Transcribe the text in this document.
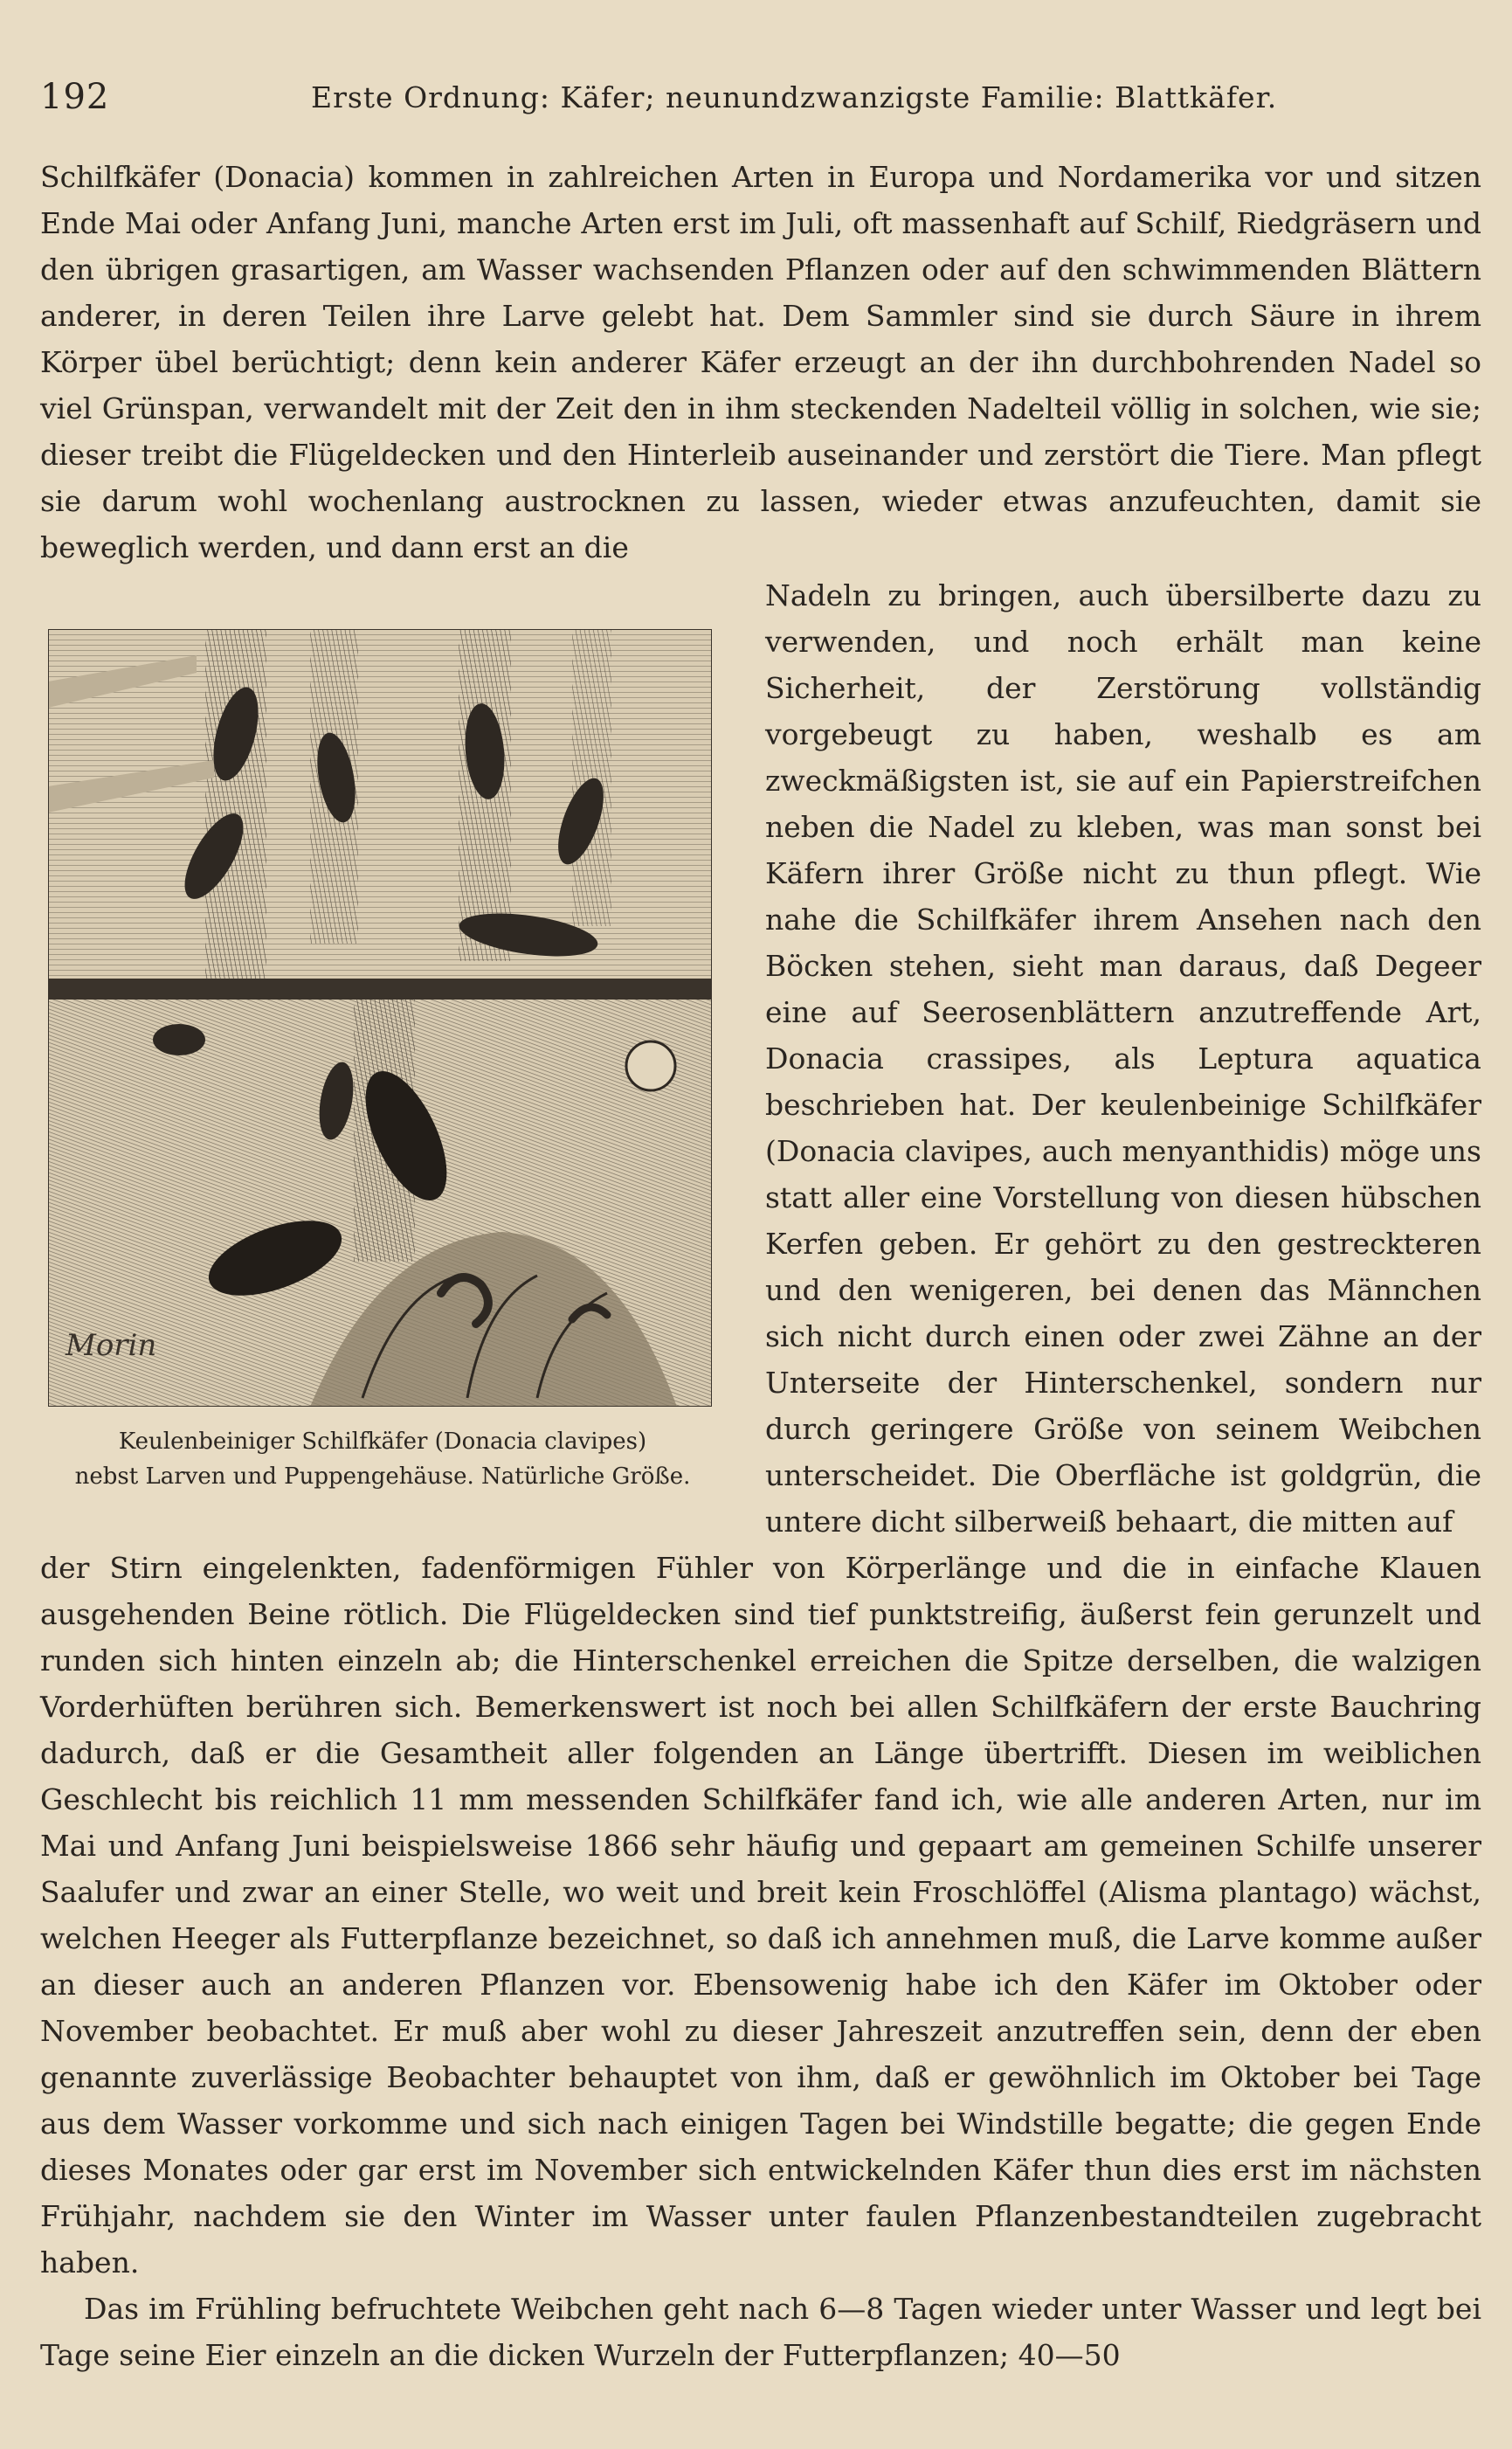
192	Erste Ordnung: Käfer; neunundzwanzigste Familie: Blattkäfer.

Schilfkäfer (Donacia) kommen in zahlreichen Arten in Europa und Nordamerika vor und sitzen Ende Mai oder Anfang Juni, manche Arten erst im Juli, oft massenhaft auf Schilf, Riedgräsern und den übrigen grasartigen, am Wasser wachsenden Pflanzen oder auf den schwimmenden Blättern anderer, in deren Teilen ihre Larve gelebt hat. Dem Sammler sind sie durch Säure in ihrem Körper übel berüchtigt; denn kein anderer Käfer erzeugt an der ihn durchbohrenden Nadel so viel Grünspan, verwandelt mit der Zeit den in ihm steckenden Nadelteil völlig in solchen, wie sie; dieser treibt die Flügeldecken und den Hinterleib auseinander und zerstört die Tiere. Man pflegt sie darum wohl wochenlang austrocknen zu lassen, wieder etwas anzufeuchten, damit sie beweglich werden, und dann erst an die

Morin
Keulenbeiniger Schilfkäfer (Donacia clavipes)
nebst Larven und Puppengehäuse. Natürliche Größe.

Nadeln zu bringen, auch übersilberte dazu zu verwenden, und noch erhält man keine Sicherheit, der Zerstörung vollständig vorgebeugt zu haben, weshalb es am zweckmäßigsten ist, sie auf ein Papierstreifchen neben die Nadel zu kleben, was man sonst bei Käfern ihrer Größe nicht zu thun pflegt. Wie nahe die Schilfkäfer ihrem Ansehen nach den Böcken stehen, sieht man daraus, daß Degeer eine auf Seerosenblättern anzutreffende Art, Donacia crassipes, als Leptura aquatica beschrieben hat. Der keulenbeinige Schilfkäfer (Donacia clavipes, auch menyanthidis) möge uns statt aller eine Vorstellung von diesen hübschen Kerfen geben. Er gehört zu den gestreckteren und den wenigeren, bei denen das Männchen sich nicht durch einen oder zwei Zähne an der Unterseite der Hinterschenkel, sondern nur durch geringere Größe von seinem Weibchen unterscheidet. Die Oberfläche ist goldgrün, die untere dicht silberweiß behaart, die mitten auf

der Stirn eingelenkten, fadenförmigen Fühler von Körperlänge und die in einfache Klauen ausgehenden Beine rötlich. Die Flügeldecken sind tief punktstreifig, äußerst fein gerunzelt und runden sich hinten einzeln ab; die Hinterschenkel erreichen die Spitze derselben, die walzigen Vorderhüften berühren sich. Bemerkenswert ist noch bei allen Schilfkäfern der erste Bauchring dadurch, daß er die Gesamtheit aller folgenden an Länge übertrifft. Diesen im weiblichen Geschlecht bis reichlich 11 mm messenden Schilfkäfer fand ich, wie alle anderen Arten, nur im Mai und Anfang Juni beispielsweise 1866 sehr häufig und gepaart am gemeinen Schilfe unserer Saalufer und zwar an einer Stelle, wo weit und breit kein Froschlöffel (Alisma plantago) wächst, welchen Heeger als Futterpflanze bezeichnet, so daß ich annehmen muß, die Larve komme außer an dieser auch an anderen Pflanzen vor. Ebensowenig habe ich den Käfer im Oktober oder November beobachtet. Er muß aber wohl zu dieser Jahreszeit anzutreffen sein, denn der eben genannte zuverlässige Beobachter behauptet von ihm, daß er gewöhnlich im Oktober bei Tage aus dem Wasser vorkomme und sich nach einigen Tagen bei Windstille begatte; die gegen Ende dieses Monates oder gar erst im November sich entwickelnden Käfer thun dies erst im nächsten Frühjahr, nachdem sie den Winter im Wasser unter faulen Pflanzenbestandteilen zugebracht haben.

Das im Frühling befruchtete Weibchen geht nach 6—8 Tagen wieder unter Wasser und legt bei Tage seine Eier einzeln an die dicken Wurzeln der Futterpflanzen; 40—50
